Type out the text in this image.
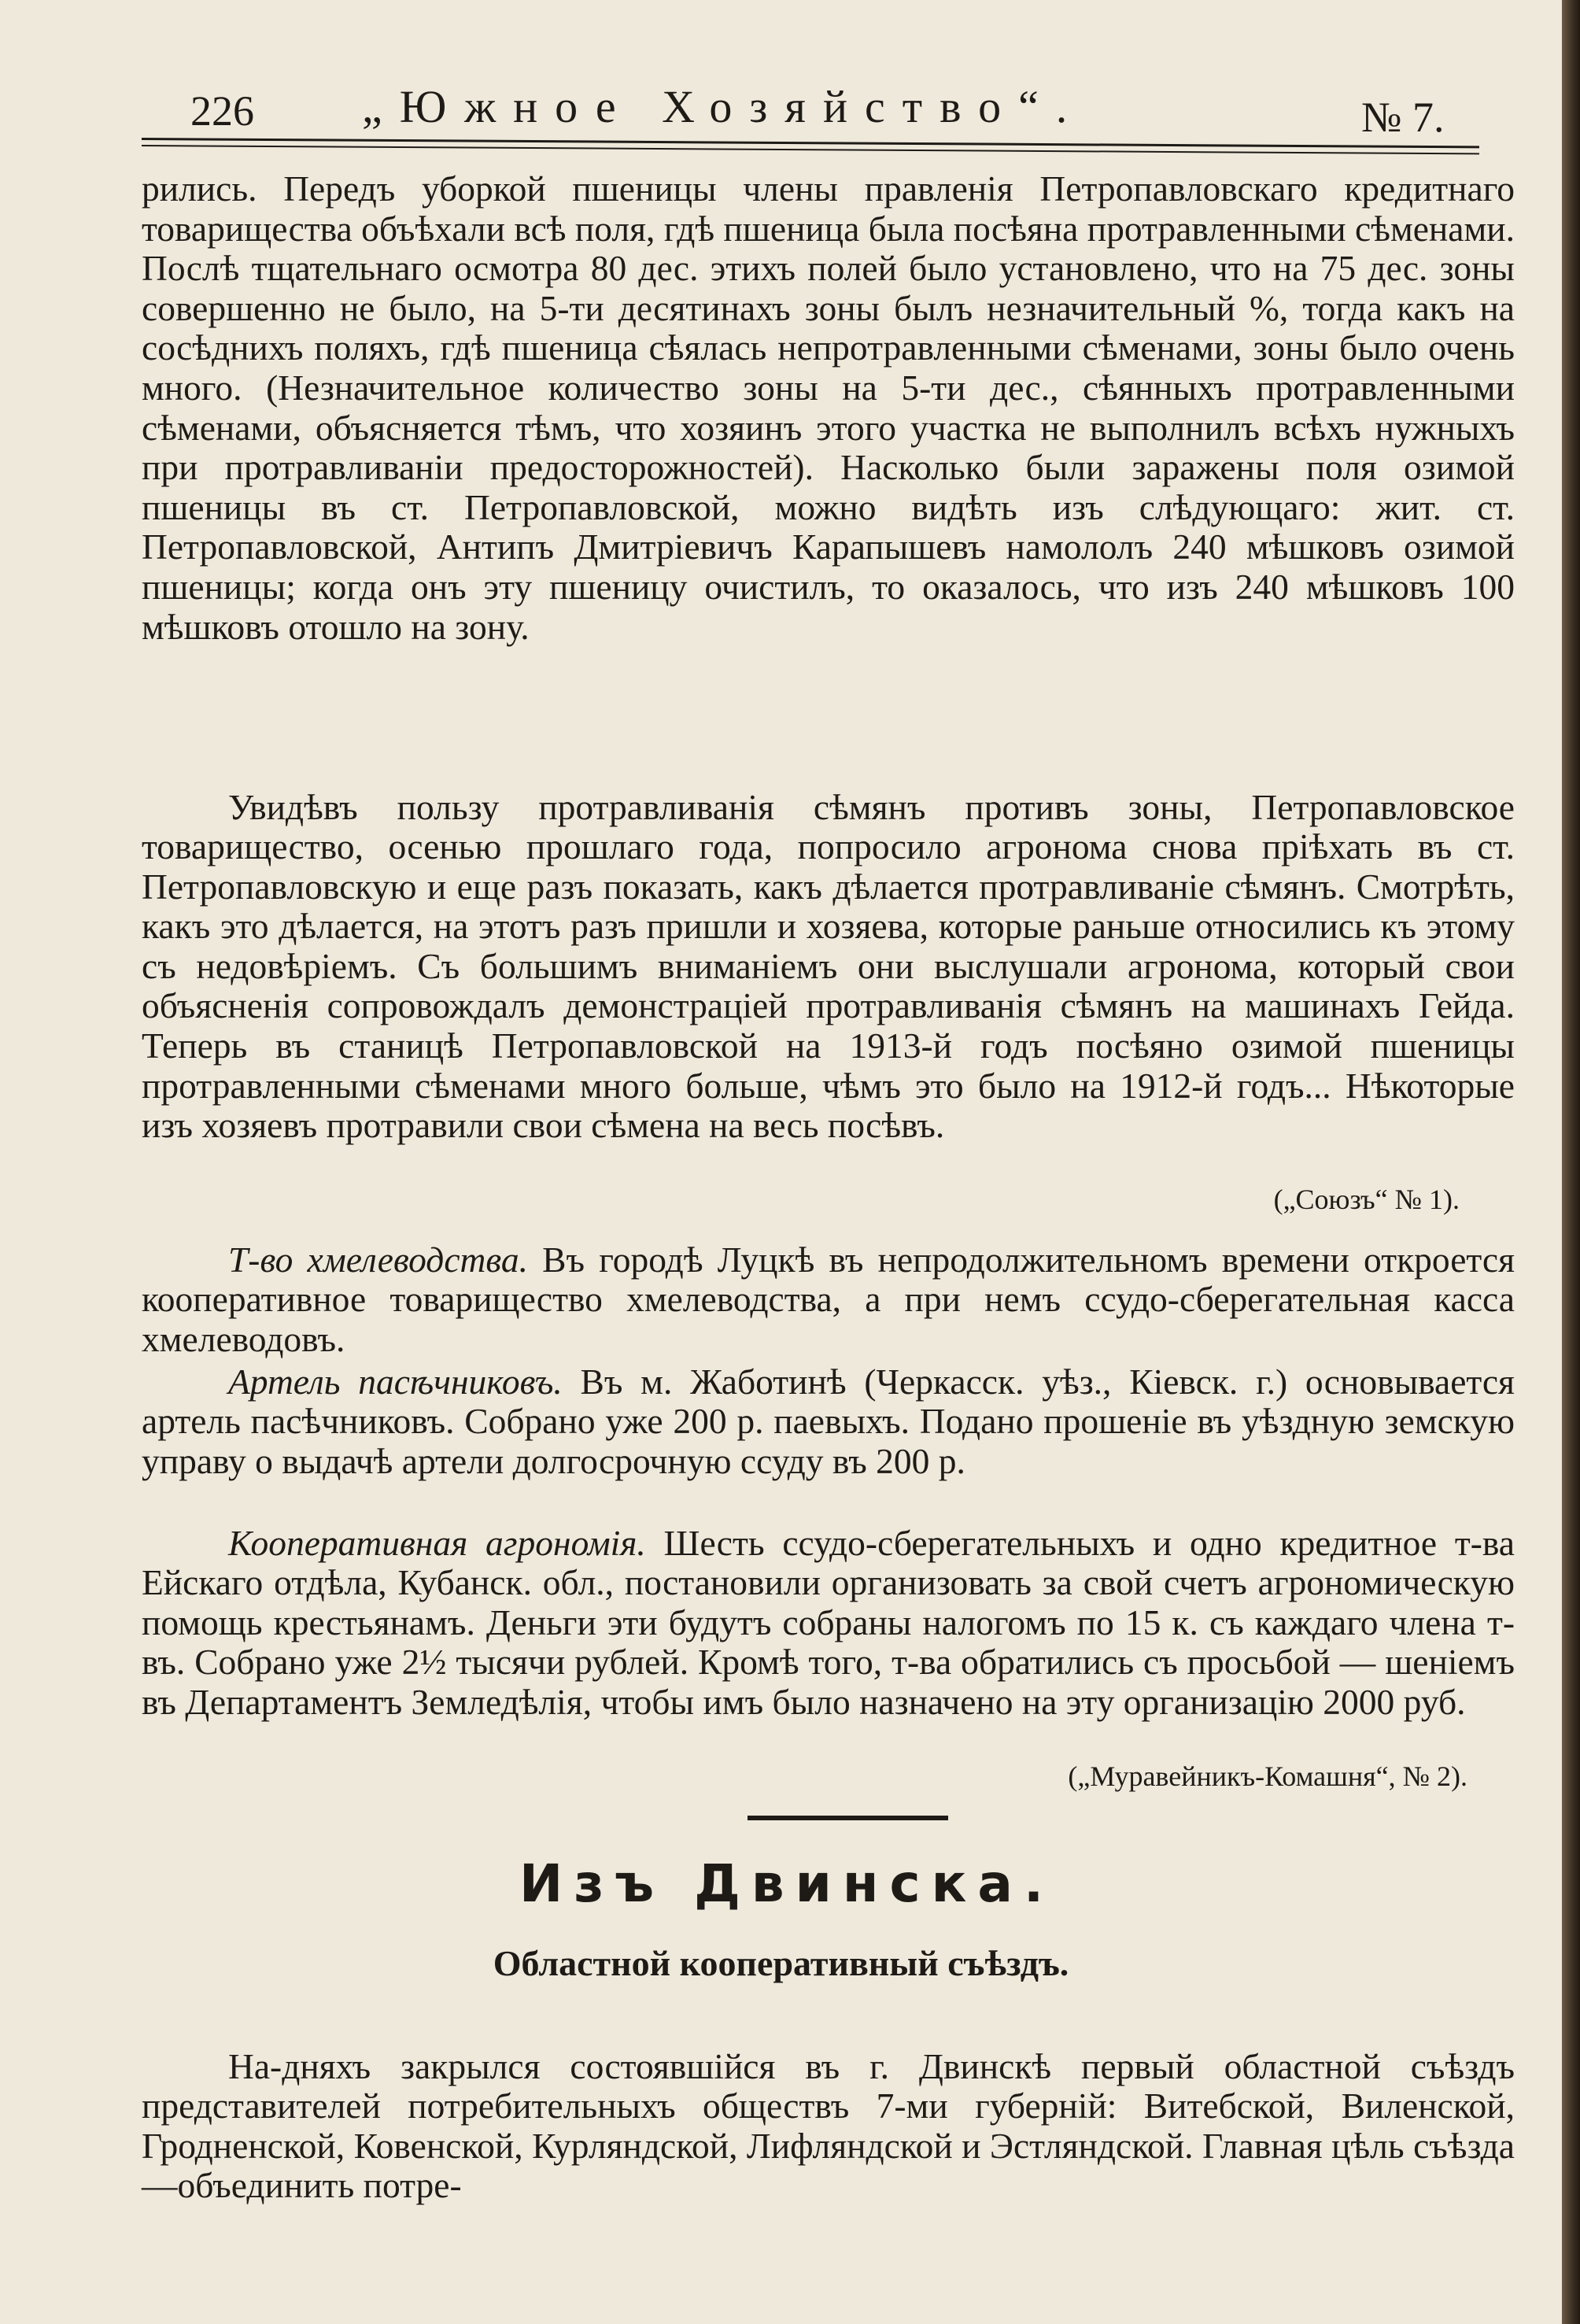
226 „Южное Хозяйство“.	№ 7.

рились. Передъ уборкой пшеницы члены правленія Петропавловскаго кредитнаго товарищества объѣхали всѣ поля, гдѣ пшеница была посѣяна протравленными сѣменами. Послѣ тщательнаго осмотра 80 дес. этихъ полей было установлено, что на 75 дес. зоны совершенно не было, на 5-ти десятинахъ зоны былъ незначительный %, тогда какъ на сосѣднихъ поляхъ, гдѣ пшеница сѣялась непротравленными сѣменами, зоны было очень много. (Незначительное количество зоны на 5-ти дес., сѣянныхъ протравленными сѣменами, объясняется тѣмъ, что хозяинъ этого участка не выполнилъ всѣхъ нужныхъ при протравливаніи предосторожностей). Насколько были заражены поля озимой пшеницы въ ст. Петропавловской, можно видѣть изъ слѣдующаго: жит. ст. Петропавловской, Антипъ Дмитріевичъ Карапышевъ намололъ 240 мѣшковъ озимой пшеницы; когда онъ эту пшеницу очистилъ, то оказалось, что изъ 240 мѣшковъ 100 мѣшковъ отошло на зону.

Увидѣвъ пользу протравливанія сѣмянъ противъ зоны, Петропавловское товарищество, осенью прошлаго года, попросило агронома снова пріѣхать въ ст. Петропавловскую и еще разъ показать, какъ дѣлается протравливаніе сѣмянъ. Смотрѣть, какъ это дѣлается, на этотъ разъ пришли и хозяева, которые раньше относились къ этому съ недовѣріемъ. Съ большимъ вниманіемъ они выслушали агронома, который свои объясненія сопровождалъ демонстраціей протравливанія сѣмянъ на машинахъ Гейда. Теперь въ станицѣ Петропавловской на 1913-й годъ посѣяно озимой пшеницы протравленными сѣменами много больше, чѣмъ это было на 1912-й годъ... Нѣкоторые изъ хозяевъ протравили свои сѣмена на весь посѣвъ.

(„Союзъ“ № 1).

Т-во хмелеводства. Въ городѣ Луцкѣ въ непродолжительномъ времени откроется кооперативное товарищество хмелеводства, а при немъ ссудо-сберегательная касса хмелеводовъ.

Артель пасѣчниковъ. Въ м. Жаботинѣ (Черкасск. уѣз., Кіевск. г.) основывается артель пасѣчниковъ. Собрано уже 200 р. паевыхъ. Подано прошеніе въ уѣздную земскую управу о выдачѣ артели долгосрочную ссуду въ 200 р.

Кооперативная агрономія. Шесть ссудо-сберегательныхъ и одно кредитное т-ва Ейскаго отдѣла, Кубанск. обл., постановили организовать за свой счетъ агрономическую помощь крестьянамъ. Деньги эти будутъ собраны налогомъ по 15 к. съ каждаго члена т-въ. Собрано уже 2½ тысячи рублей. Кромѣ того, т-ва обратились съ просьбой — шеніемъ въ Департаментъ Земледѣлія, чтобы имъ было назначено на эту организацію 2000 руб.

(„Муравейникъ-Комашня“, № 2).

Изъ Двинска.
Областной кооперативный съѣздъ.

На-дняхъ закрылся состоявшійся въ г. Двинскѣ первый областной съѣздъ представителей потребительныхъ обществъ 7-ми губерній: Витебской, Виленской, Гродненской, Ковенской, Курляндской, Лифляндской и Эстляндской. Главная цѣль съѣзда—объединить потре-
